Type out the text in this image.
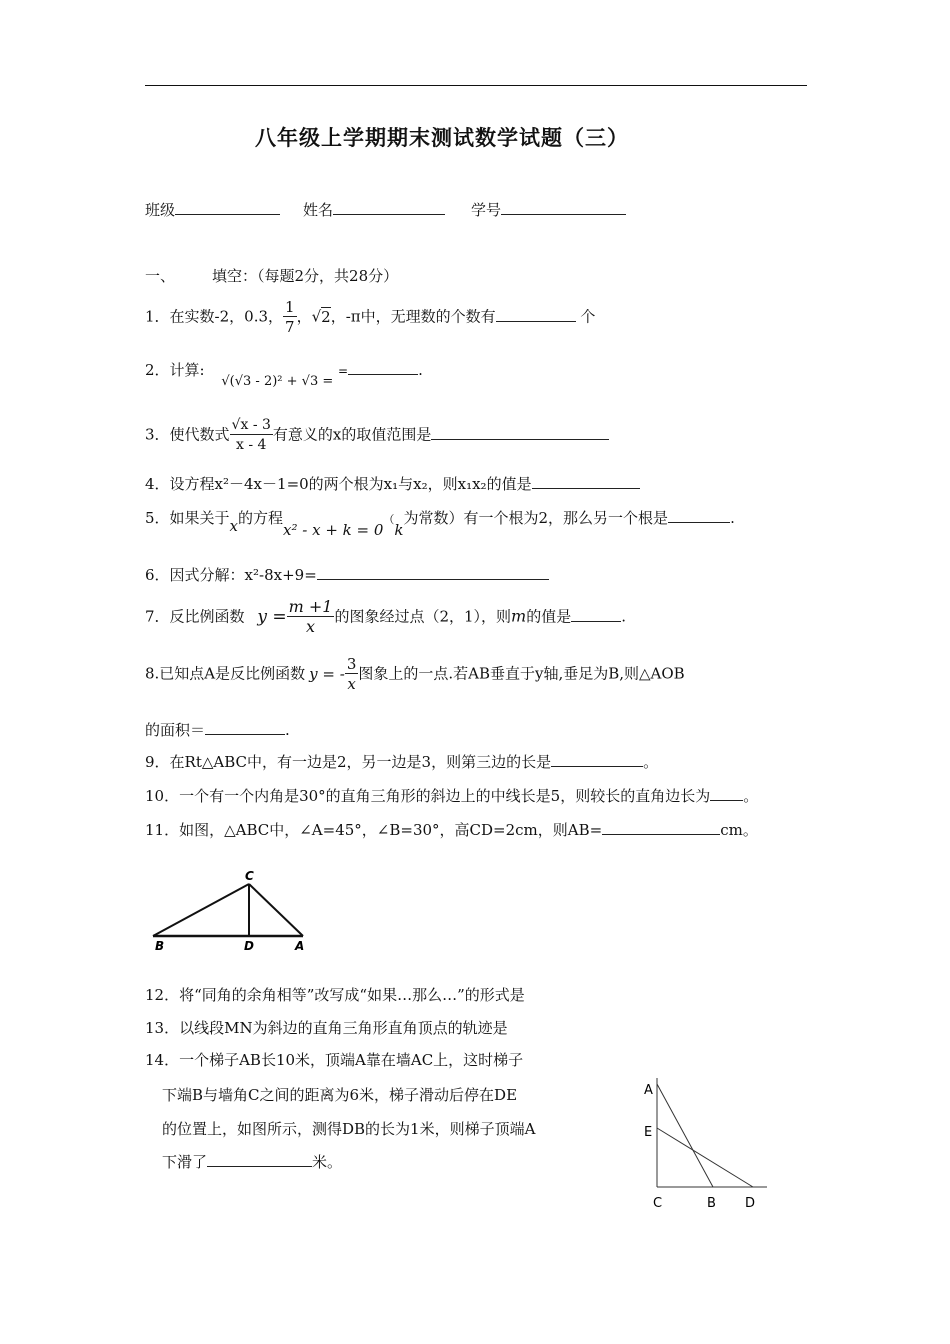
八年级上学期期末测试数学试题（三）
班级	姓名	学号
一、 填空：（每题2分，共28分）
1．在实数-2，0.3， $\frac{1}{7}$ ，√2，-π中，无理数的个数有	个
2．计算: √(√3 - 2)² + √3 = =	.
3．使代数式 $\frac{√x - 3}{x - 4}$ 有意义的x的取值范围是
4．设方程x²－4x－1=0的两个根为x₁与x₂，则x₁x₂的值是
5．如果关于x的方程x² - x + k = 0（k为常数）有一个根为2，那么另一个根是	.
6．因式分解：x²-8x+9=
7．反比例函数 $y = \frac{m +1}{x}$ 的图象经过点（2，1），则m的值是	.
8.已知点A是反比例函数 y = - $\frac{3}{x}$ 图象上的一点.若AB垂直于y轴,垂足为B,则△AOB
的面积＝	.
9．在Rt△ABC中，有一边是2，另一边是3，则第三边的长是	。
10．一个有一个内角是30°的直角三角形的斜边上的中线长是5，则较长的直角边长为 。
11．如图，△ABC中，∠A=45°，∠B=30°，高CD=2cm，则AB=	cm。
C
B	D	A
12．将“同角的余角相等”改写成“如果…那么…”的形式是
13．以线段MN为斜边的直角三角形直角顶点的轨迹是
14．一个梯子AB长10米，顶端A靠在墙AC上，这时梯子
下端B与墙角C之间的距离为6米，梯子滑动后停在DE
的位置上，如图所示，测得DB的长为1米，则梯子顶端A
下滑了	米。
A
E
C	B D
